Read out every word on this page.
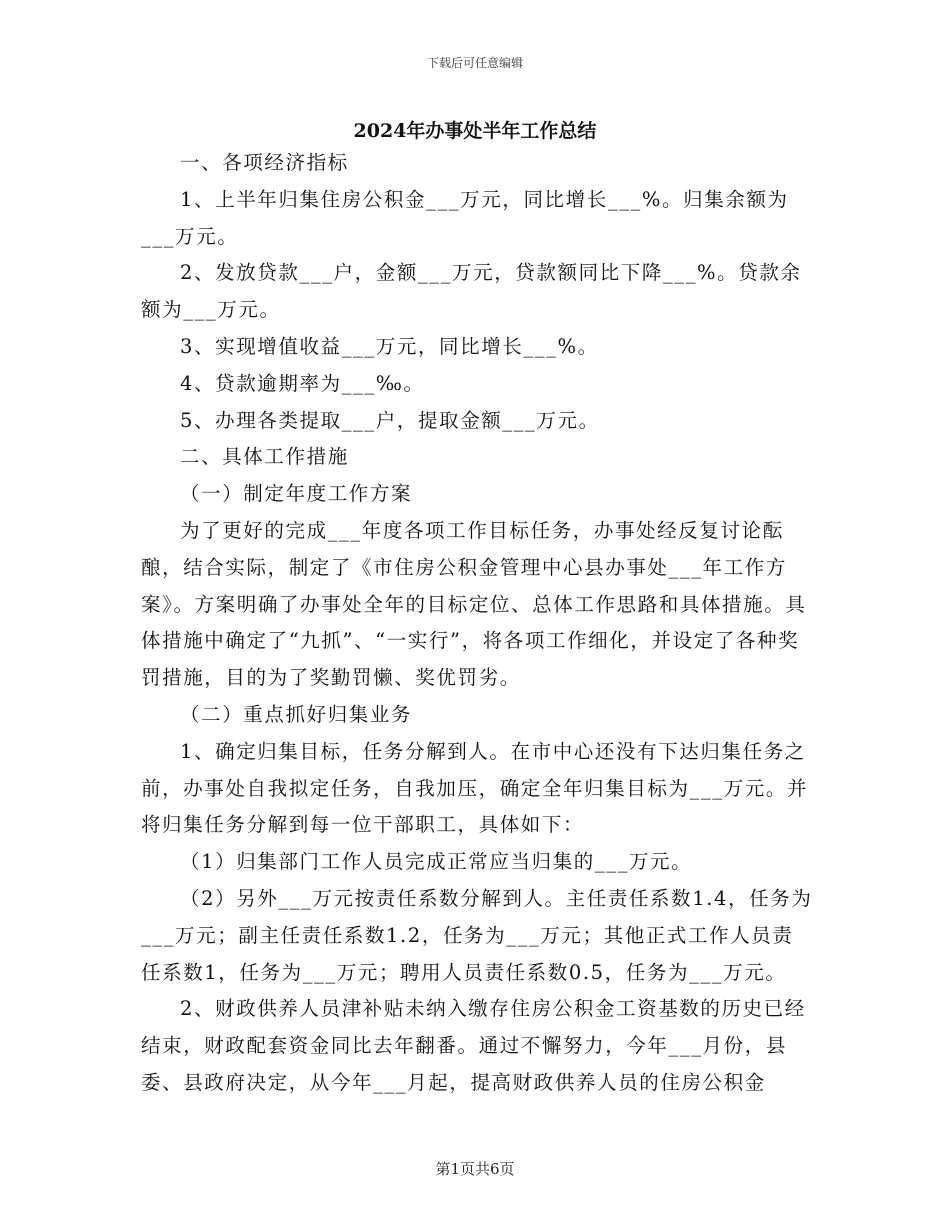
下载后可任意编辑
2024年办事处半年工作总结

一、各项经济指标

1、上半年归集住房公积金___万元，同比增长___%。归集余额为___万元。

2、发放贷款___户，金额___万元，贷款额同比下降___%。贷款余额为___万元。

3、实现增值收益___万元，同比增长___%。

4、贷款逾期率为___‰。

5、办理各类提取___户，提取金额___万元。

二、具体工作措施

（一）制定年度工作方案

为了更好的完成___年度各项工作目标任务，办事处经反复讨论酝酿，结合实际，制定了《市住房公积金管理中心县办事处___年工作方案》。方案明确了办事处全年的目标定位、总体工作思路和具体措施。具体措施中确定了“九抓”、“一实行”，将各项工作细化，并设定了各种奖罚措施，目的为了奖勤罚懒、奖优罚劣。

（二）重点抓好归集业务

1、确定归集目标，任务分解到人。在市中心还没有下达归集任务之前，办事处自我拟定任务，自我加压，确定全年归集目标为___万元。并将归集任务分解到每一位干部职工，具体如下：

（1）归集部门工作人员完成正常应当归集的___万元。

（2）另外___万元按责任系数分解到人。主任责任系数1.4，任务为___万元；副主任责任系数1.2，任务为___万元；其他正式工作人员责任系数1，任务为___万元；聘用人员责任系数0.5，任务为___万元。

2、财政供养人员津补贴未纳入缴存住房公积金工资基数的历史已经结束，财政配套资金同比去年翻番。通过不懈努力，今年___月份，县委、县政府决定，从今年___月起，提高财政供养人员的住房公积金

第1页共6页
